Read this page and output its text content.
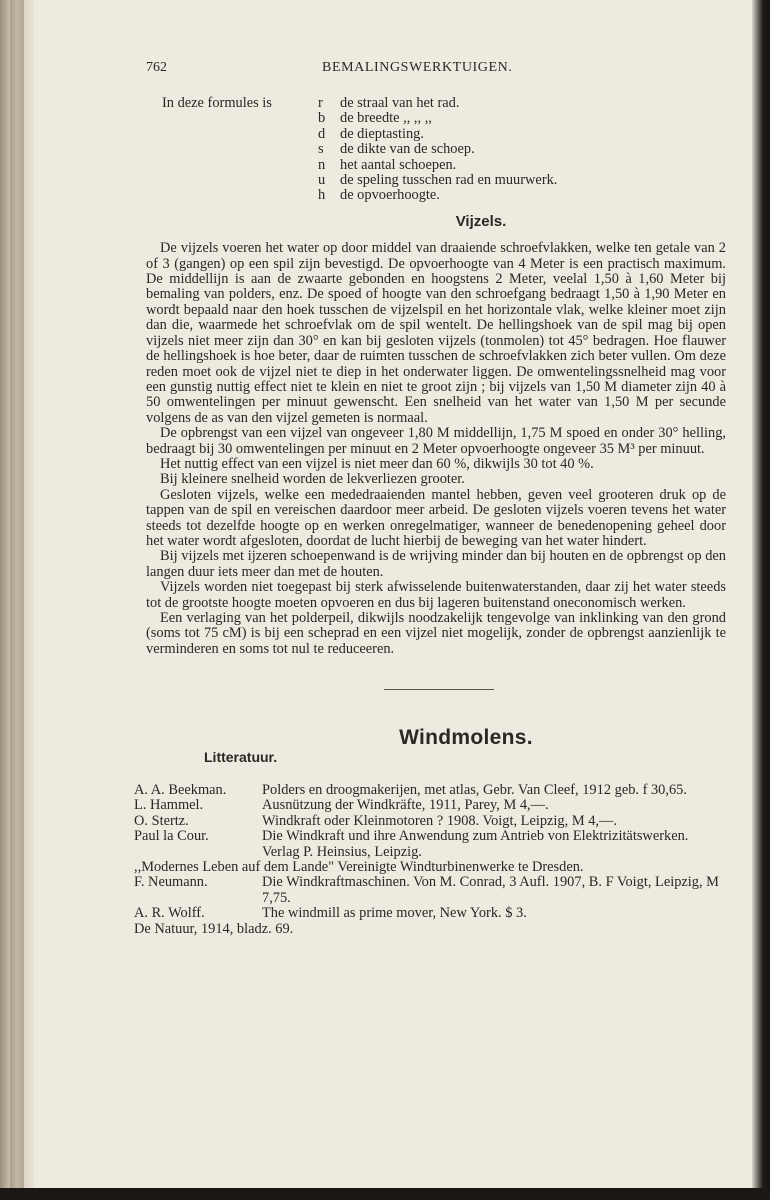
762	BEMALINGSWERKTUIGEN.
In deze formules is	r	de straal van het rad.
b	de breedte ,, ,, ,,
d	de dieptasting.
s	de dikte van de schoep.
n	het aantal schoepen.
u	de speling tusschen rad en muurwerk.
h	de opvoerhoogte.
Vijzels.

De vijzels voeren het water op door middel van draaiende schroefvlakken, welke ten getale van 2 of 3 (gangen) op een spil zijn bevestigd. De opvoerhoogte van 4 Meter is een practisch maximum. De middellijn is aan de zwaarte gebonden en hoogstens 2 Meter, veelal 1,50 à 1,60 Meter bij bemaling van polders, enz. De spoed of hoogte van den schroefgang bedraagt 1,50 à 1,90 Meter en wordt bepaald naar den hoek tusschen de vijzelspil en het horizontale vlak, welke kleiner moet zijn dan die, waarmede het schroefvlak om de spil wentelt. De hellingshoek van de spil mag bij open vijzels niet meer zijn dan 30° en kan bij gesloten vijzels (tonmolen) tot 45° bedragen. Hoe flauwer de hellingshoek is hoe beter, daar de ruimten tusschen de schroefvlakken zich beter vullen. Om deze reden moet ook de vijzel niet te diep in het onderwater liggen. De omwentelingssnelheid mag voor een gunstig nuttig effect niet te klein en niet te groot zijn ; bij vijzels van 1,50 M diameter zijn 40 à 50 omwentelingen per minuut gewenscht. Een snelheid van het water van 1,50 M per secunde volgens de as van den vijzel gemeten is normaal.

De opbrengst van een vijzel van ongeveer 1,80 M middellijn, 1,75 M spoed en onder 30° helling, bedraagt bij 30 omwentelingen per minuut en 2 Meter opvoerhoogte ongeveer 35 M³ per minuut.

Het nuttig effect van een vijzel is niet meer dan 60 %, dikwijls 30 tot 40 %.

Bij kleinere snelheid worden de lekverliezen grooter.

Gesloten vijzels, welke een mededraaienden mantel hebben, geven veel grooteren druk op de tappen van de spil en vereischen daardoor meer arbeid. De gesloten vijzels voeren tevens het water steeds tot dezelfde hoogte op en werken onregelmatiger, wanneer de benedenopening geheel door het water wordt afgesloten, doordat de lucht hierbij de beweging van het water hindert.

Bij vijzels met ijzeren schoepenwand is de wrijving minder dan bij houten en de opbrengst op den langen duur iets meer dan met de houten.

Vijzels worden niet toegepast bij sterk afwisselende buitenwaterstanden, daar zij het water steeds tot de grootste hoogte moeten opvoeren en dus bij lageren buitenstand oneconomisch werken.

Een verlaging van het polderpeil, dikwijls noodzakelijk tengevolge van inklinking van den grond (soms tot 75 cM) is bij een scheprad en een vijzel niet mogelijk, zonder de opbrengst aanzienlijk te verminderen en soms tot nul te reduceeren.

Windmolens.
Litteratuur.
A. A. Beekman.	Polders en droogmakerijen, met atlas, Gebr. Van Cleef, 1912 geb. f 30,65.
L. Hammel.	Ausnützung der Windkräfte, 1911, Parey, M 4,—.
O. Stertz.	Windkraft oder Kleinmotoren ? 1908. Voigt, Leipzig, M 4,—.
Paul la Cour.	Die Windkraft und ihre Anwendung zum Antrieb von Elektrizitätswerken. Verlag P. Heinsius, Leipzig.
,,Modernes Leben auf dem Lande" Vereinigte Windturbinenwerke te Dresden.
F. Neumann.	Die Windkraftmaschinen. Von M. Conrad, 3 Aufl. 1907, B. F Voigt, Leipzig, M 7,75.
A. R. Wolff.	The windmill as prime mover, New York. $ 3.
De Natuur, 1914, bladz. 69.
